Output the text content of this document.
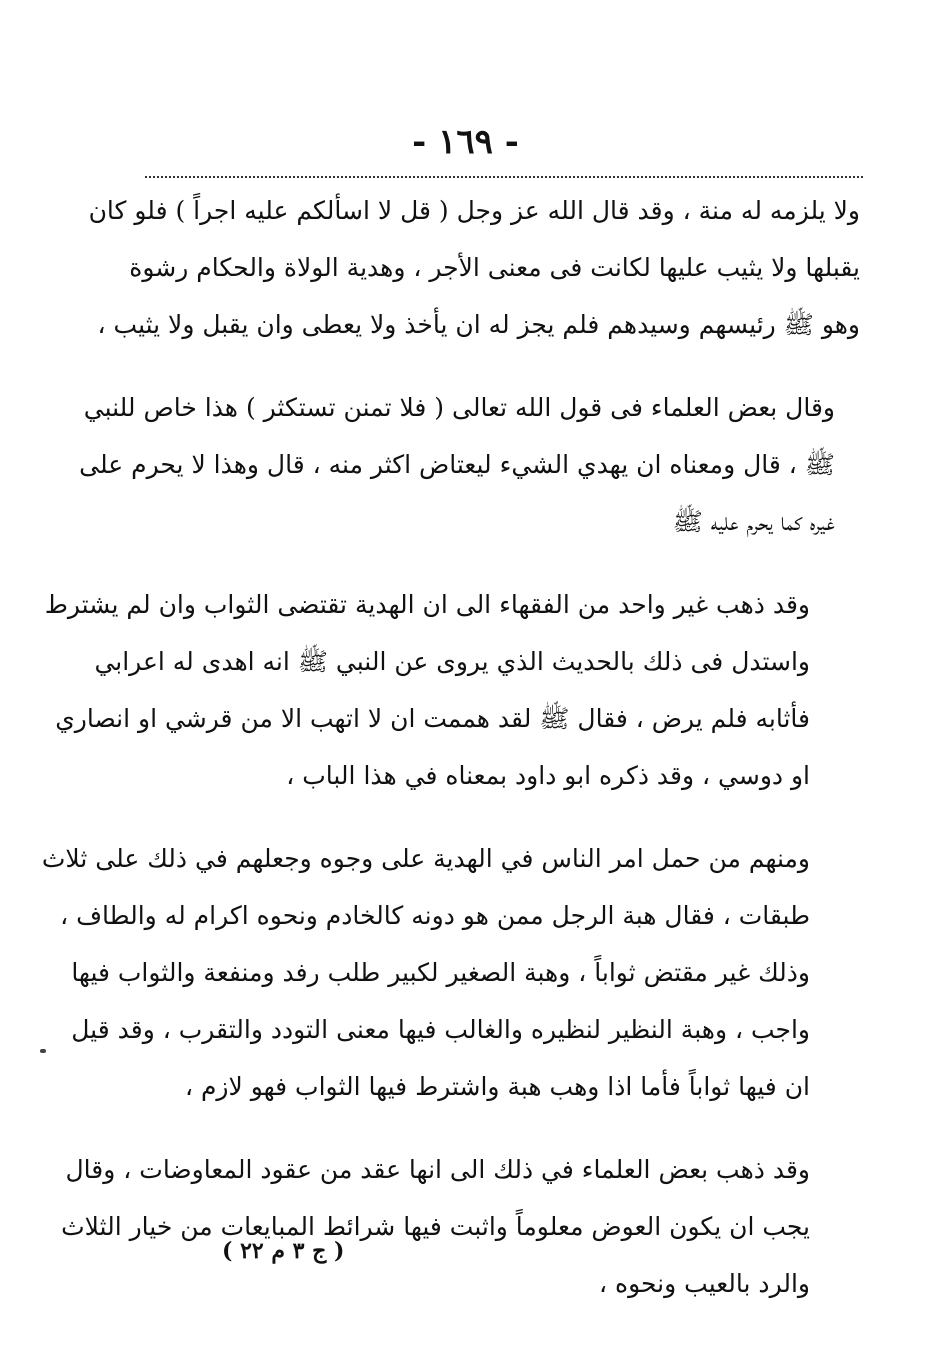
- ١٦٩ -
ولا يلزمه له منة ، وقد قال الله عز وجل ( قل لا اسألكم عليه اجراً ) فلو كان
يقبلها ولا يثيب عليها لكانت فى معنى الأجر ، وهدية الولاة والحكام رشوة
وهو ﷺ رئيسهم وسيدهم فلم يجز له ان يأخذ ولا يعطى وان يقبل ولا يثيب ،
وقال بعض العلماء فى قول الله تعالى ( فلا تمنن تستكثر ) هذا خاص للنبي
ﷺ ، قال ومعناه ان يهدي الشيء ليعتاض اكثر منه ، قال وهذا لا يحرم على
غيره كما يحرم عليه ﷺ
وقد ذهب غير واحد من الفقهاء الى ان الهدية تقتضى الثواب وان لم يشترط
واستدل فى ذلك بالحديث الذي يروى عن النبي ﷺ انه اهدى له اعرابي
فأثابه فلم يرض ، فقال ﷺ لقد هممت ان لا اتهب الا من قرشي او انصاري
او دوسي ، وقد ذكره ابو داود بمعناه في هذا الباب ،
ومنهم من حمل امر الناس في الهدية على وجوه وجعلهم في ذلك على ثلاث
طبقات ، فقال هبة الرجل ممن هو دونه كالخادم ونحوه اكرام له والطاف ،
وذلك غير مقتض ثواباً ، وهبة الصغير لكبير طلب رفد ومنفعة والثواب فيها
واجب ، وهبة النظير لنظيره والغالب فيها معنى التودد والتقرب ، وقد قيل
ان فيها ثواباً فأما اذا وهب هبة واشترط فيها الثواب فهو لازم ،
وقد ذهب بعض العلماء في ذلك الى انها عقد من عقود المعاوضات ، وقال
يجب ان يكون العوض معلوماً واثبت فيها شرائط المبايعات من خيار الثلاث
والرد بالعيب ونحوه ،
( ج ٣ م ٢٢ )
